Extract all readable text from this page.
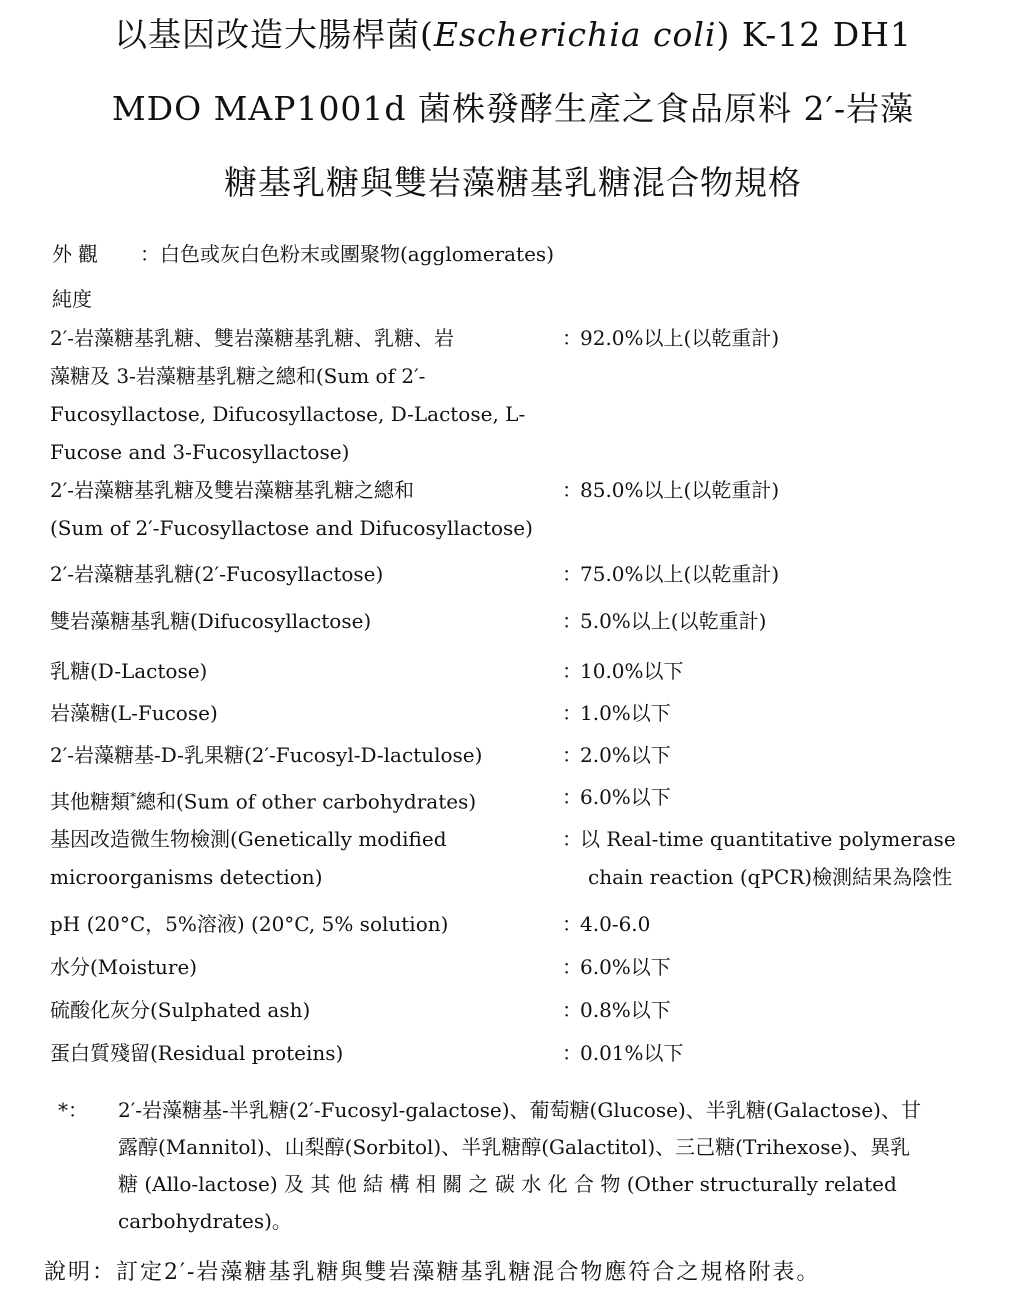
以基因改造大腸桿菌(Escherichia coli) K-12 DH1
MDO MAP1001d 菌株發酵生產之食品原料 2′-岩藻
糖基乳糖與雙岩藻糖基乳糖混合物規格
外觀 ：白色或灰白色粉末或團聚物(agglomerates)
純度
2′-岩藻糖基乳糖、雙岩藻糖基乳糖、乳糖、岩
藻糖及 3-岩藻糖基乳糖之總和(Sum of 2′-
Fucosyllactose, Difucosyllactose, D-Lactose, L-
Fucose and 3-Fucosyllactose)
：92.0%以上(以乾重計)
2′-岩藻糖基乳糖及雙岩藻糖基乳糖之總和
(Sum of 2′-Fucosyllactose and Difucosyllactose)
：85.0%以上(以乾重計)
2′-岩藻糖基乳糖(2′-Fucosyllactose)	：75.0%以上(以乾重計)
雙岩藻糖基乳糖(Difucosyllactose)	：5.0%以上(以乾重計)
乳糖(D-Lactose)	：10.0%以下
岩藻糖(L-Fucose)	：1.0%以下
2′-岩藻糖基-D-乳果糖(2′-Fucosyl-D-lactulose)	：2.0%以下
其他糖類*總和(Sum of other carbohydrates)	：6.0%以下
基因改造微生物檢測(Genetically modified
microorganisms detection)
：以 Real-time quantitative polymerase
chain reaction (qPCR)檢測結果為陰性
pH (20°C，5%溶液) (20°C, 5% solution)	：4.0-6.0
水分(Moisture)	：6.0%以下
硫酸化灰分(Sulphated ash)	：0.8%以下
蛋白質殘留(Residual proteins)	：0.01%以下
*：	2′-岩藻糖基-半乳糖(2′-Fucosyl-galactose)、葡萄糖(Glucose)、半乳糖(Galactose)、甘
露醇(Mannitol)、山梨醇(Sorbitol)、半乳糖醇(Galactitol)、三己糖(Trihexose)、異乳
糖 (Allo-lactose) 及 其 他 結 構 相 關 之 碳 水 化 合 物 (Other structurally related
carbohydrates)。
說明：訂定2′-岩藻糖基乳糖與雙岩藻糖基乳糖混合物應符合之規格附表。
